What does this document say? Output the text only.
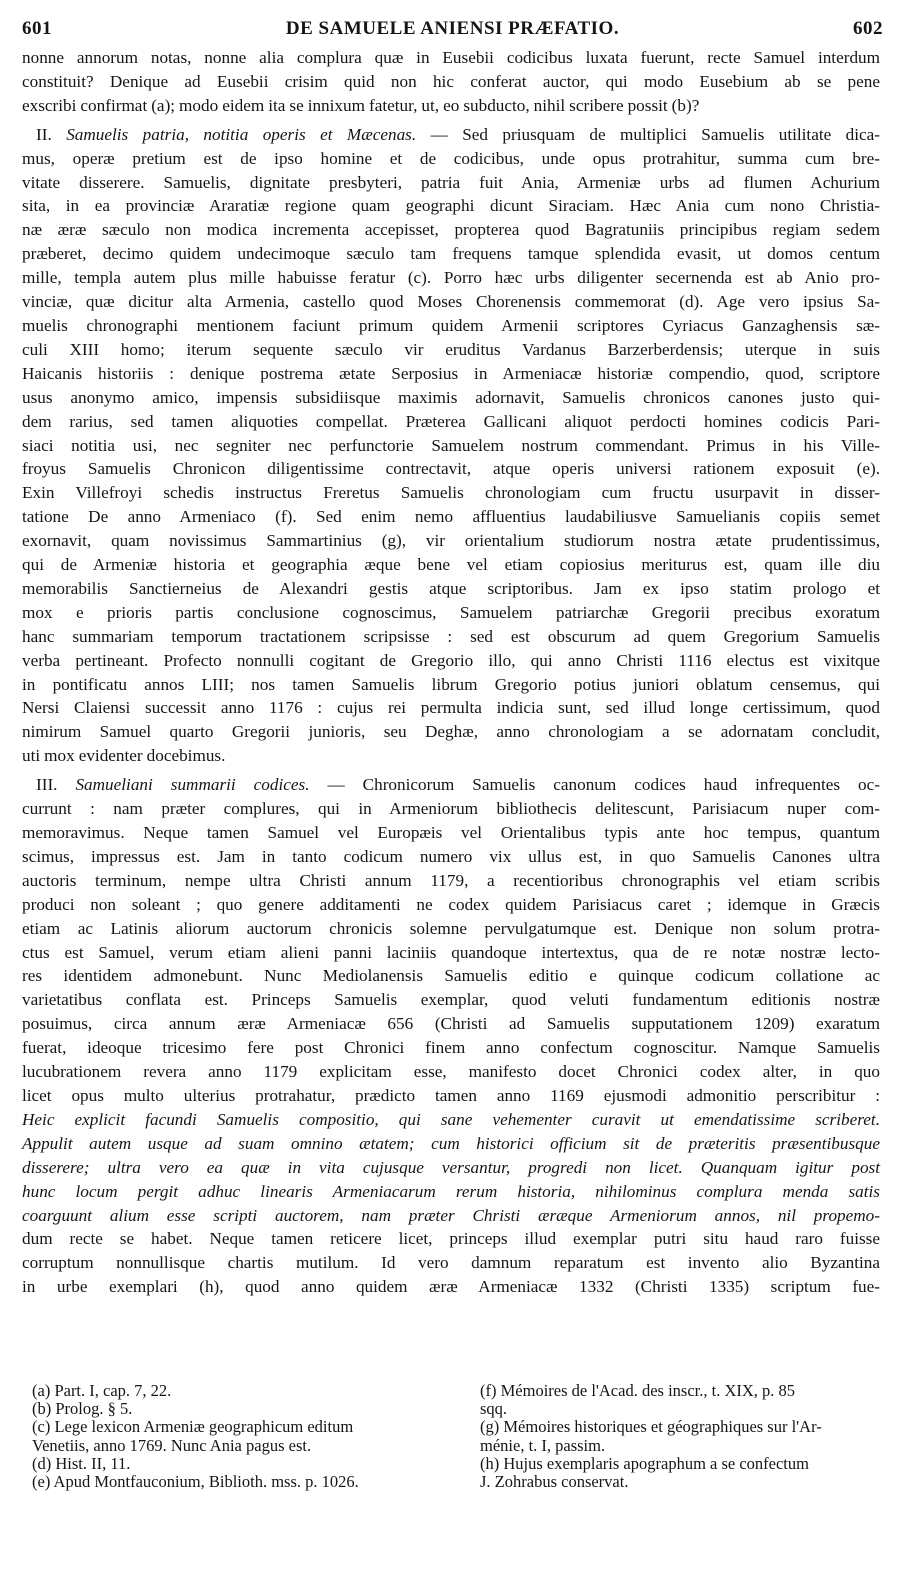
601	DE SAMUELE ANIENSI PRÆFATIO.	602
nonne annorum notas, nonne alia complura quæ in Eusebii codicibus luxata fuerunt, recte Samuel interdum
constituit? Denique ad Eusebii crisim quid non hic conferat auctor, qui modo Eusebium ab se pene
exscribi confirmat (a); modo eidem ita se innixum fatetur, ut, eo subducto, nihil scribere possit (b)?
II. Samuelis patria, notitia operis et Mæcenas. — Sed priusquam de multiplici Samuelis utilitate dica-
mus, operæ pretium est de ipso homine et de codicibus, unde opus protrahitur, summa cum bre-
vitate disserere. Samuelis, dignitate presbyteri, patria fuit Ania, Armeniæ urbs ad flumen Achurium
sita, in ea provinciæ Araratiæ regione quam geographi dicunt Siraciam. Hæc Ania cum nono Christia-
næ æræ sæculo non modica incrementa accepisset, propterea quod Bagratuniis principibus regiam sedem
præberet, decimo quidem undecimoque sæculo tam frequens tamque splendida evasit, ut domos centum
mille, templa autem plus mille habuisse feratur (c). Porro hæc urbs diligenter secernenda est ab Anio pro-
vinciæ, quæ dicitur alta Armenia, castello quod Moses Chorenensis commemorat (d). Age vero ipsius Sa-
muelis chronographi mentionem faciunt primum quidem Armenii scriptores Cyriacus Ganzaghensis sæ-
culi XIII homo; iterum sequente sæculo vir eruditus Vardanus Barzerberdensis; uterque in suis
Haicanis historiis : denique postrema ætate Serposius in Armeniacæ historiæ compendio, quod, scriptore
usus anonymo amico, impensis subsidiisque maximis adornavit, Samuelis chronicos canones justo qui-
dem rarius, sed tamen aliquoties compellat. Præterea Gallicani aliquot perdocti homines codicis Pari-
siaci notitia usi, nec segniter nec perfunctorie Samuelem nostrum commendant. Primus in his Ville-
froyus Samuelis Chronicon diligentissime contrectavit, atque operis universi rationem exposuit (e).
Exin Villefroyi schedis instructus Freretus Samuelis chronologiam cum fructu usurpavit in disser-
tatione De anno Armeniaco (f). Sed enim nemo affluentius laudabiliusve Samuelianis copiis semet
exornavit, quam novissimus Sammartinius (g), vir orientalium studiorum nostra ætate prudentissimus,
qui de Armeniæ historia et geographia æque bene vel etiam copiosius meriturus est, quam ille diu
memorabilis Sanctierneius de Alexandri gestis atque scriptoribus. Jam ex ipso statim prologo et
mox e prioris partis conclusione cognoscimus, Samuelem patriarchæ Gregorii precibus exoratum
hanc summariam temporum tractationem scripsisse : sed est obscurum ad quem Gregorium Samuelis
verba pertineant. Profecto nonnulli cogitant de Gregorio illo, qui anno Christi 1116 electus est vixitque
in pontificatu annos LIII; nos tamen Samuelis librum Gregorio potius juniori oblatum censemus, qui
Nersi Claiensi successit anno 1176 : cujus rei permulta indicia sunt, sed illud longe certissimum, quod
nimirum Samuel quarto Gregorii junioris, seu Deghæ, anno chronologiam a se adornatam concludit,
uti mox evidenter docebimus.
III. Samueliani summarii codices. — Chronicorum Samuelis canonum codices haud infrequentes oc-
currunt : nam præter complures, qui in Armeniorum bibliothecis delitescunt, Parisiacum nuper com-
memoravimus. Neque tamen Samuel vel Europæis vel Orientalibus typis ante hoc tempus, quantum
scimus, impressus est. Jam in tanto codicum numero vix ullus est, in quo Samuelis Canones ultra
auctoris terminum, nempe ultra Christi annum 1179, a recentioribus chronographis vel etiam scribis
produci non soleant ; quo genere additamenti ne codex quidem Parisiacus caret ; idemque in Græcis
etiam ac Latinis aliorum auctorum chronicis solemne pervulgatumque est. Denique non solum protra-
ctus est Samuel, verum etiam alieni panni laciniis quandoque intertextus, qua de re notæ nostræ lecto-
res identidem admonebunt. Nunc Mediolanensis Samuelis editio e quinque codicum collatione ac
varietatibus conflata est. Princeps Samuelis exemplar, quod veluti fundamentum editionis nostræ
posuimus, circa annum æræ Armeniacæ 656 (Christi ad Samuelis supputationem 1209) exaratum
fuerat, ideoque tricesimo fere post Chronici finem anno confectum cognoscitur. Namque Samuelis
lucubrationem revera anno 1179 explicitam esse, manifesto docet Chronici codex alter, in quo
licet opus multo ulterius protrahatur, prædicto tamen anno 1169 ejusmodi admonitio perscribitur :
Heic explicit facundi Samuelis compositio, qui sane vehementer curavit ut emendatissime scriberet.
Appulit autem usque ad suam omnino ætatem; cum historici officium sit de præteritis præsentibusque
disserere; ultra vero ea quæ in vita cujusque versantur, progredi non licet. Quanquam igitur post
hunc locum pergit adhuc linearis Armeniacarum rerum historia, nihilominus complura menda satis
coarguunt alium esse scripti auctorem, nam præter Christi æræque Armeniorum annos, nil propemo-
dum recte se habet. Neque tamen reticere licet, princeps illud exemplar putri situ haud raro fuisse
corruptum nonnullisque chartis mutilum. Id vero damnum reparatum est invento alio Byzantina
in urbe exemplari (h), quod anno quidem æræ Armeniacæ 1332 (Christi 1335) scriptum fue-
(a) Part. I, cap. 7, 22.
(b) Prolog. § 5.
(c) Lege lexicon Armeniæ geographicum editum
Venetiis, anno 1769. Nunc Ania pagus est.
(d) Hist. II, 11.
(e) Apud Montfauconium, Biblioth. mss. p. 1026.
(f) Mémoires de l'Acad. des inscr., t. XIX, p. 85
sqq.
(g) Mémoires historiques et géographiques sur l'Ar-
ménie, t. I, passim.
(h) Hujus exemplaris apographum a se confectum
J. Zohrabus conservat.
